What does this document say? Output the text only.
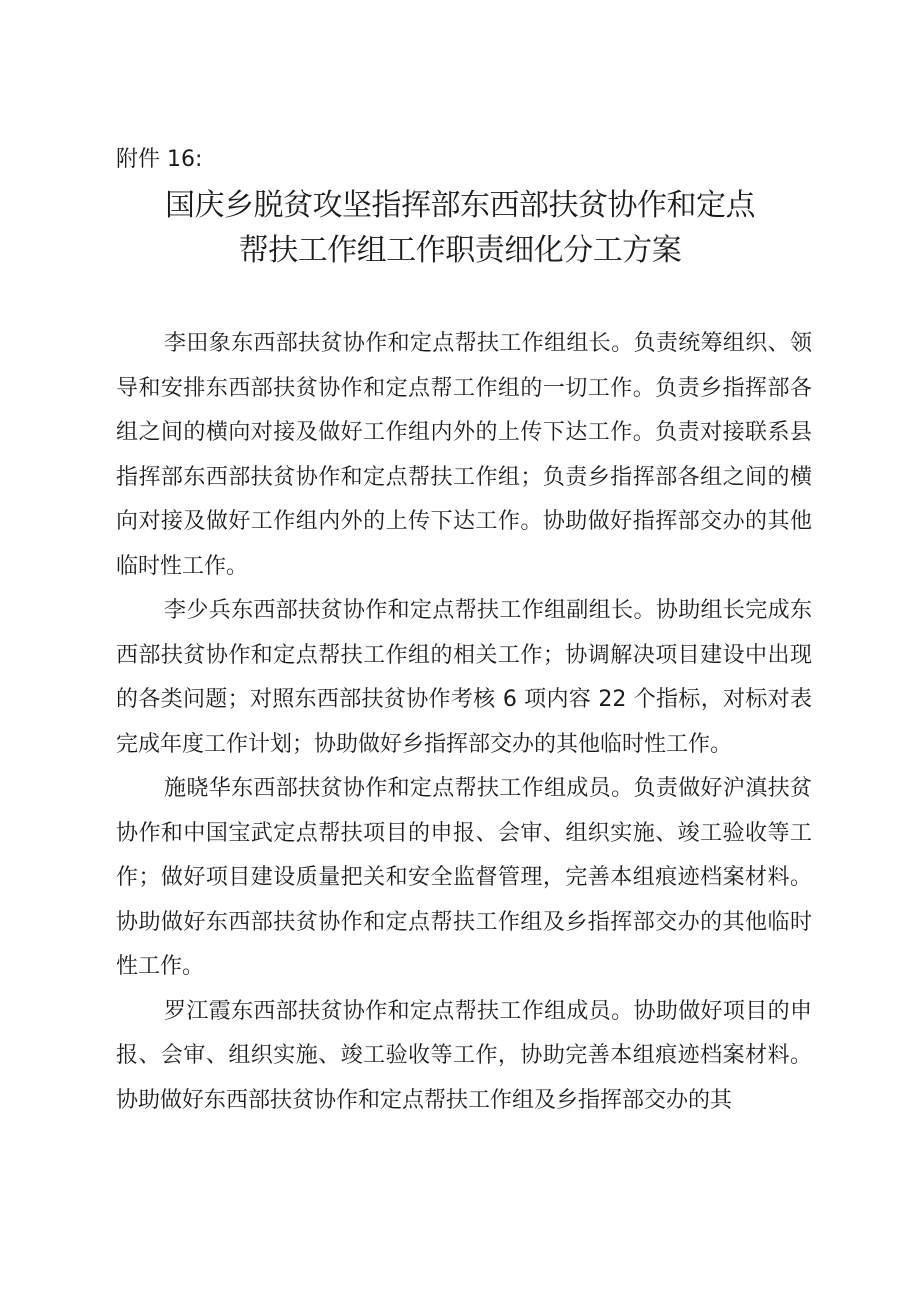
附件 16:
国庆乡脱贫攻坚指挥部东西部扶贫协作和定点
帮扶工作组工作职责细化分工方案

李田象东西部扶贫协作和定点帮扶工作组组长。负责统筹组织、领导和安排东西部扶贫协作和定点帮工作组的一切工作。负责乡指挥部各组之间的横向对接及做好工作组内外的上传下达工作。负责对接联系县指挥部东西部扶贫协作和定点帮扶工作组；负责乡指挥部各组之间的横向对接及做好工作组内外的上传下达工作。协助做好指挥部交办的其他临时性工作。

李少兵东西部扶贫协作和定点帮扶工作组副组长。协助组长完成东西部扶贫协作和定点帮扶工作组的相关工作；协调解决项目建设中出现的各类问题；对照东西部扶贫协作考核 6 项内容 22 个指标，对标对表完成年度工作计划；协助做好乡指挥部交办的其他临时性工作。

施晓华东西部扶贫协作和定点帮扶工作组成员。负责做好沪滇扶贫协作和中国宝武定点帮扶项目的申报、会审、组织实施、竣工验收等工作；做好项目建设质量把关和安全监督管理，完善本组痕迹档案材料。协助做好东西部扶贫协作和定点帮扶工作组及乡指挥部交办的其他临时性工作。

罗江霞东西部扶贫协作和定点帮扶工作组成员。协助做好项目的申报、会审、组织实施、竣工验收等工作，协助完善本组痕迹档案材料。协助做好东西部扶贫协作和定点帮扶工作组及乡指挥部交办的其
